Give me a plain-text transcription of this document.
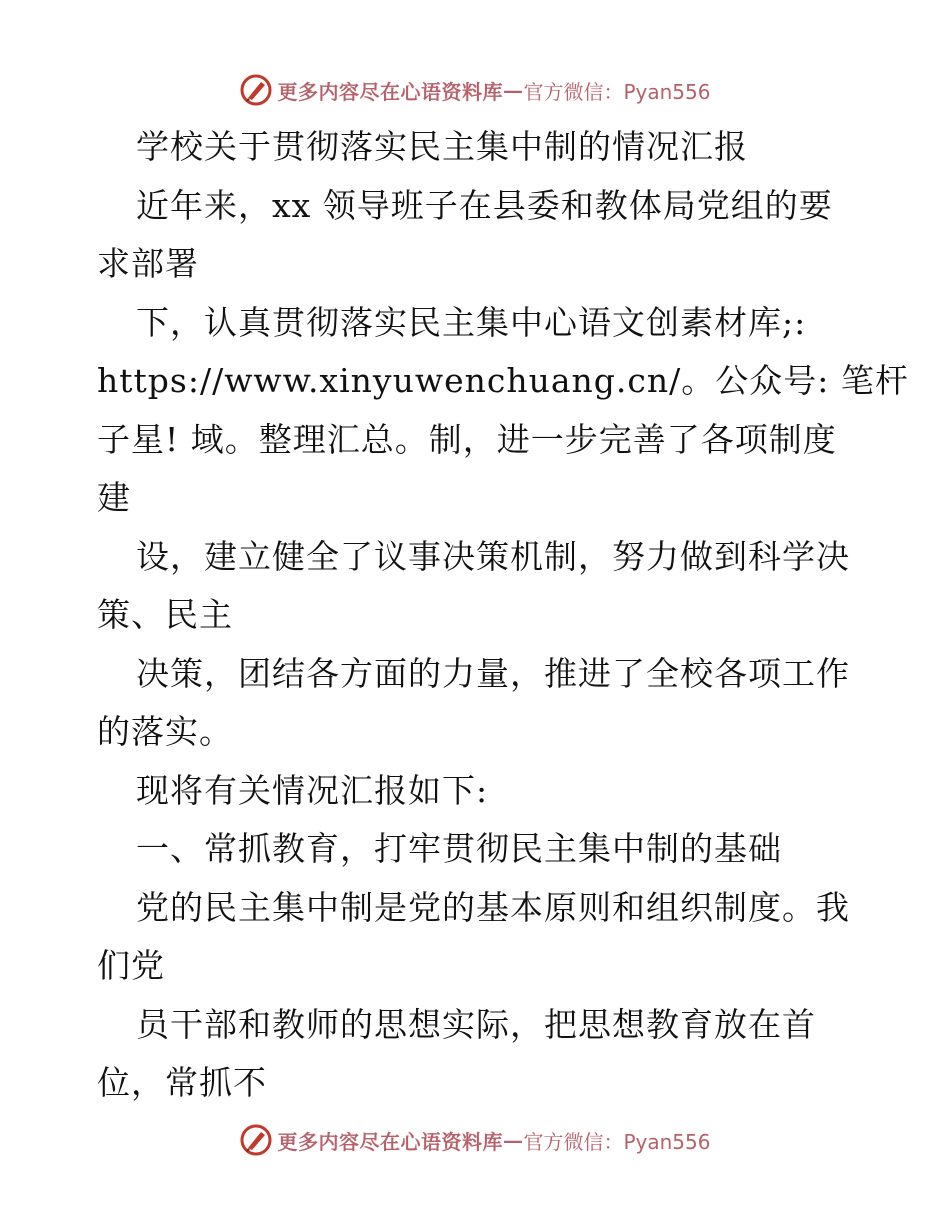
更多内容尽在心语资料库 — 官方微信：Pyan556
学校关于贯彻落实民主集中制的情况汇报
近年来，xx 领导班子在县委和教体局党组的要
求部署
下，认真贯彻落实民主集中心语文创素材库;:
https://www.xinyuwenchuang.cn/。公众号: 笔杆
子星! 域。整理汇总。制，进一步完善了各项制度
建
设，建立健全了议事决策机制，努力做到科学决
策、民主
决策，团结各方面的力量，推进了全校各项工作
的落实。
现将有关情况汇报如下:
一、常抓教育，打牢贯彻民主集中制的基础
党的民主集中制是党的基本原则和组织制度。我
们党
员干部和教师的思想实际，把思想教育放在首
位，常抓不
更多内容尽在心语资料库 — 官方微信：Pyan556
